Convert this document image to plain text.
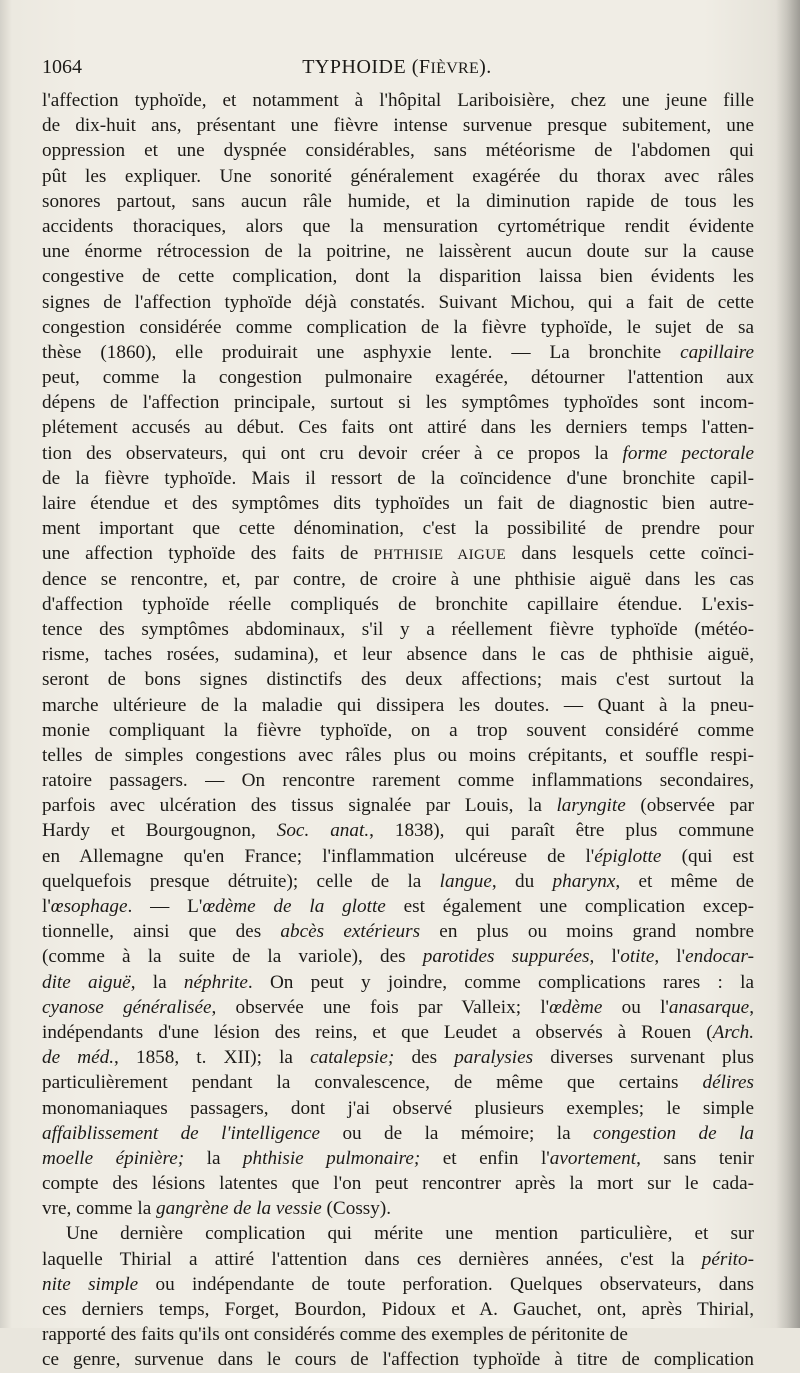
1064	TYPHOIDE (FIÈVRE).
l'affection typhoïde, et notamment à l'hôpital Lariboisière, chez une jeune fille
de dix-huit ans, présentant une fièvre intense survenue presque subitement, une
oppression et une dyspnée considérables, sans météorisme de l'abdomen qui
pût les expliquer. Une sonorité généralement exagérée du thorax avec râles
sonores partout, sans aucun râle humide, et la diminution rapide de tous les
accidents thoraciques, alors que la mensuration cyrtométrique rendit évidente
une énorme rétrocession de la poitrine, ne laissèrent aucun doute sur la cause
congestive de cette complication, dont la disparition laissa bien évidents les
signes de l'affection typhoïde déjà constatés. Suivant Michou, qui a fait de cette
congestion considérée comme complication de la fièvre typhoïde, le sujet de sa
thèse (1860), elle produirait une asphyxie lente. — La bronchite capillaire
peut, comme la congestion pulmonaire exagérée, détourner l'attention aux
dépens de l'affection principale, surtout si les symptômes typhoïdes sont incom-
plétement accusés au début. Ces faits ont attiré dans les derniers temps l'atten-
tion des observateurs, qui ont cru devoir créer à ce propos la forme pectorale
de la fièvre typhoïde. Mais il ressort de la coïncidence d'une bronchite capil-
laire étendue et des symptômes dits typhoïdes un fait de diagnostic bien autre-
ment important que cette dénomination, c'est la possibilité de prendre pour
une affection typhoïde des faits de PHTHISIE AIGUE dans lesquels cette coïnci-
dence se rencontre, et, par contre, de croire à une phthisie aiguë dans les cas
d'affection typhoïde réelle compliqués de bronchite capillaire étendue. L'exis-
tence des symptômes abdominaux, s'il y a réellement fièvre typhoïde (météo-
risme, taches rosées, sudamina), et leur absence dans le cas de phthisie aiguë,
seront de bons signes distinctifs des deux affections; mais c'est surtout la
marche ultérieure de la maladie qui dissipera les doutes. — Quant à la pneu-
monie compliquant la fièvre typhoïde, on a trop souvent considéré comme
telles de simples congestions avec râles plus ou moins crépitants, et souffle respi-
ratoire passagers. — On rencontre rarement comme inflammations secondaires,
parfois avec ulcération des tissus signalée par Louis, la laryngite (observée par
Hardy et Bourgougnon, Soc. anat., 1838), qui paraît être plus commune
en Allemagne qu'en France; l'inflammation ulcéreuse de l'épiglotte (qui est
quelquefois presque détruite); celle de la langue, du pharynx, et même de
l'œsophage. — L'œdème de la glotte est également une complication excep-
tionnelle, ainsi que des abcès extérieurs en plus ou moins grand nombre
(comme à la suite de la variole), des parotides suppurées, l'otite, l'endocar-
dite aiguë, la néphrite. On peut y joindre, comme complications rares : la
cyanose généralisée, observée une fois par Valleix; l'œdème ou l'anasarque,
indépendants d'une lésion des reins, et que Leudet a observés à Rouen (Arch.
de méd., 1858, t. XII); la catalepsie; des paralysies diverses survenant plus
particulièrement pendant la convalescence, de même que certains délires
monomaniaques passagers, dont j'ai observé plusieurs exemples; le simple
affaiblissement de l'intelligence ou de la mémoire; la congestion de la
moelle épinière; la phthisie pulmonaire; et enfin l'avortement, sans tenir
compte des lésions latentes que l'on peut rencontrer après la mort sur le cada-
vre, comme la gangrène de la vessie (Cossy).
Une dernière complication qui mérite une mention particulière, et sur
laquelle Thirial a attiré l'attention dans ces dernières années, c'est la périto-
nite simple ou indépendante de toute perforation. Quelques observateurs, dans
ces derniers temps, Forget, Bourdon, Pidoux et A. Gauchet, ont, après Thirial,
rapporté des faits qu'ils ont considérés comme des exemples de péritonite de
ce genre, survenue dans le cours de l'affection typhoïde à titre de complication
